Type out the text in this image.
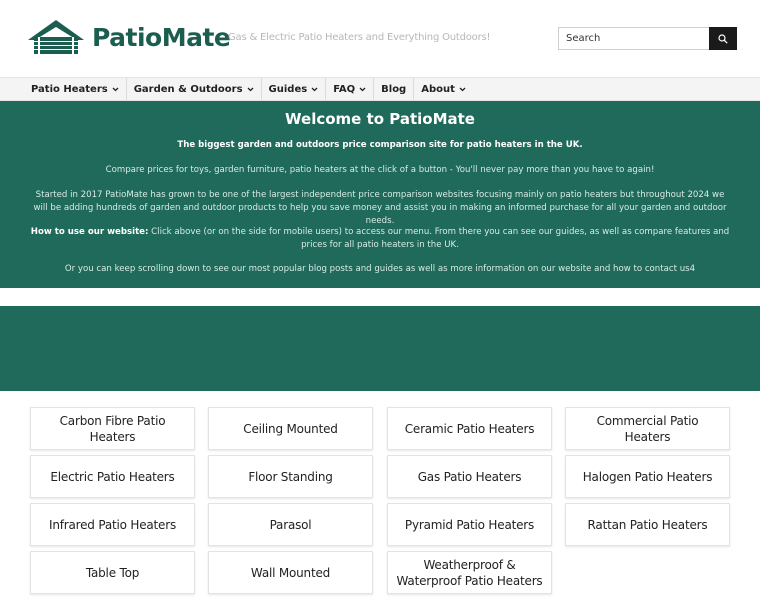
PatioMate
Gas & Electric Patio Heaters and Everything Outdoors!
Search
Patio Heaters	Garden & Outdoors	Guides	FAQ	Blog About
Welcome to PatioMate
The biggest garden and outdoors price comparison site for patio heaters in the UK.
Compare prices for toys, garden furniture, patio heaters at the click of a button - You'll never pay more than you have to again!
Started in 2017 PatioMate has grown to be one of the largest independent price comparison websites focusing mainly on patio heaters but throughout 2024 we will be adding hundreds of garden and outdoor products to help you save money and assist you in making an informed purchase for all your garden and outdoor needs.
How to use our website: Click above (or on the side for mobile users) to access our menu. From there you can see our guides, as well as compare features and prices for all patio heaters in the UK.
Or you can keep scrolling down to see our most popular blog posts and guides as well as more information on our website and how to contact us4
Carbon Fibre Patio Heaters
Ceiling Mounted	Ceramic Patio Heaters
Commercial Patio Heaters
Electric Patio Heaters	Floor Standing	Gas Patio Heaters	Halogen Patio Heaters
Infrared Patio Heaters	Parasol	Pyramid Patio Heaters	Rattan Patio Heaters
Table Top	Wall Mounted
Weatherproof & Waterproof Patio Heaters
